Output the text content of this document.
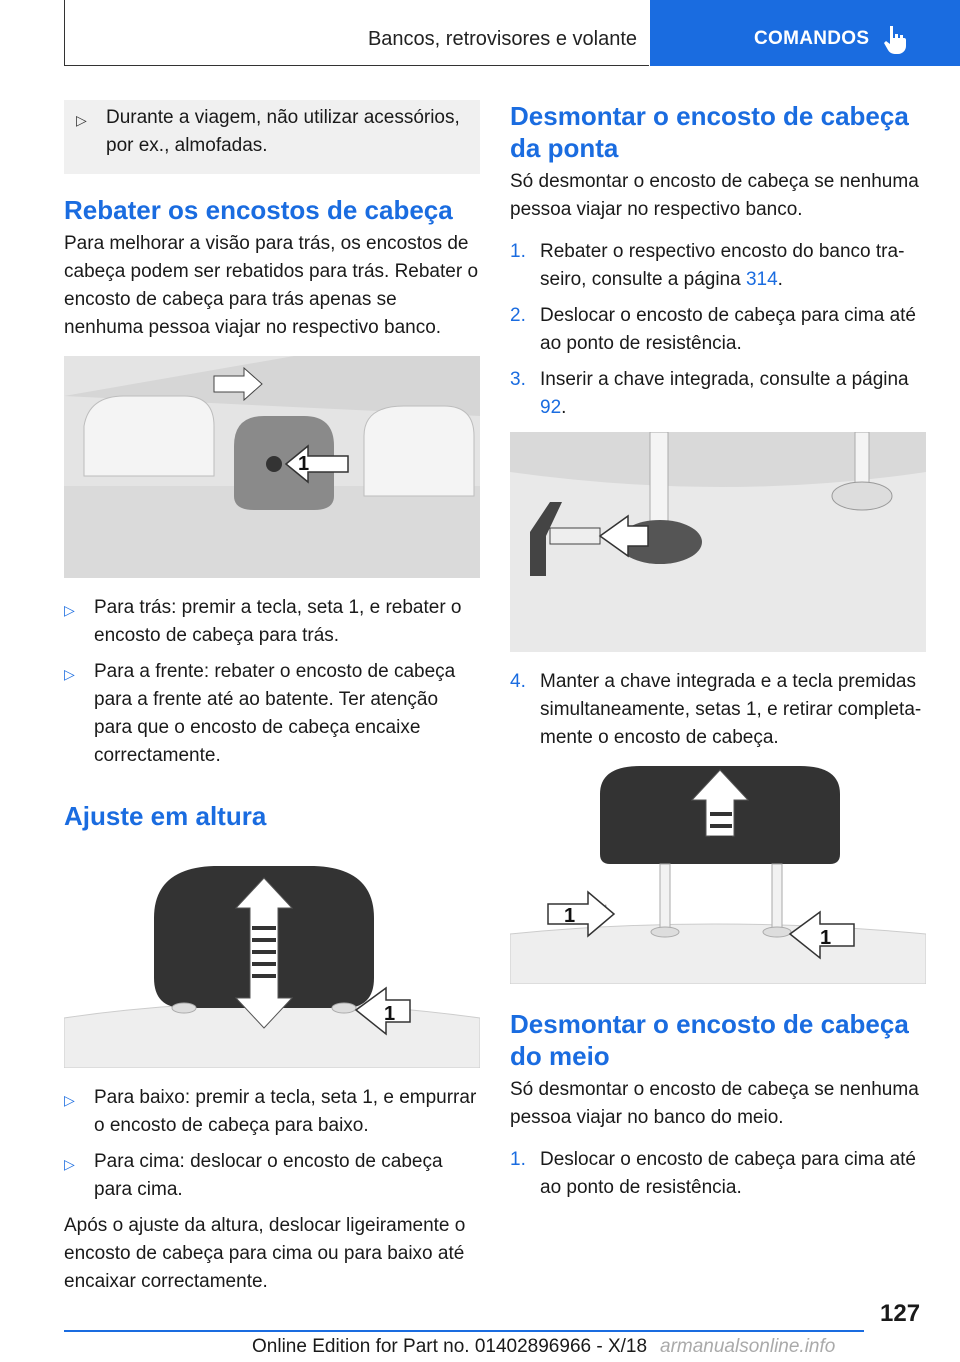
Bancos, retrovisores e volante	COMANDOS
▷	Durante a viagem, não utilizar acessórios, por ex., almofadas.
Rebater os encostos de cabeça

Para melhorar a visão para trás, os encostos de cabeça podem ser rebatidos para trás. Rebater o encosto de cabeça para trás apenas se nenhuma pessoa viajar no respectivo banco.

1
▷	Para trás: premir a tecla, seta 1, e rebater o encosto de cabeça para trás.
▷	Para a frente: rebater o encosto de cabeça para a frente até ao batente. Ter atenção para que o encosto de cabeça encaixe correctamente.
Ajuste em altura
1
▷	Para baixo: premir a tecla, seta 1, e empurrar o encosto de cabeça para baixo.
▷	Para cima: deslocar o encosto de cabeça para cima.

Após o ajuste da altura, deslocar ligeiramente o encosto de cabeça para cima ou para baixo até encaixar correctamente.

Desmontar o encosto de cabeça da ponta

Só desmontar o encosto de cabeça se nenhuma pessoa viajar no respectivo banco.

1. Rebater o respectivo encosto do banco traseiro, consulte a página 314.
2. Deslocar o encosto de cabeça para cima até ao ponto de resistência.
3. Inserir a chave integrada, consulte a página 92.
4. Manter a chave integrada e a tecla premidas simultaneamente, setas 1, e retirar completamente o encosto de cabeça.
1
1
Desmontar o encosto de cabeça do meio

Só desmontar o encosto de cabeça se nenhuma pessoa viajar no banco do meio.

1. Deslocar o encosto de cabeça para cima até ao ponto de resistência.
127
Online Edition for Part no. 01402896966 - X/18 armanualsonline.info
